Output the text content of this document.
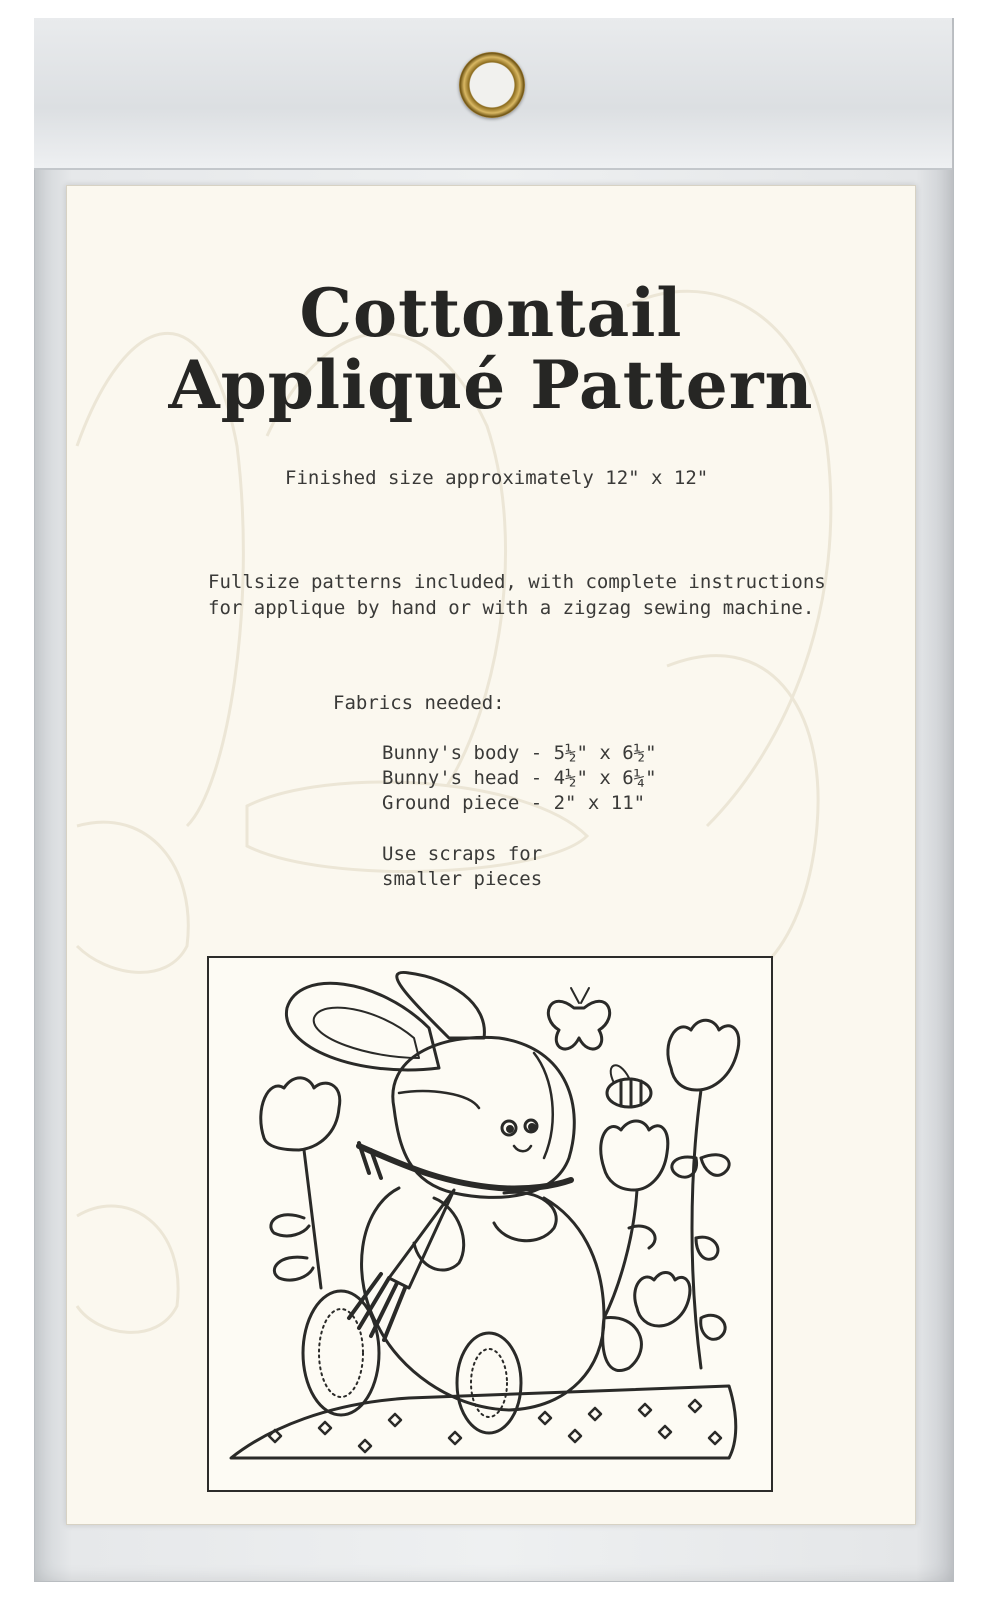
Cottontail
Appliqué Pattern
Finished size approximately 12" x 12"
Fullsize patterns included, with complete instructions
for applique by hand or with a zigzag sewing machine.
Fabrics needed:
Bunny's body - 5½" x 6½"
Bunny's head - 4½" x 6¼"
Ground piece - 2" x 11"
Use scraps for
smaller pieces
